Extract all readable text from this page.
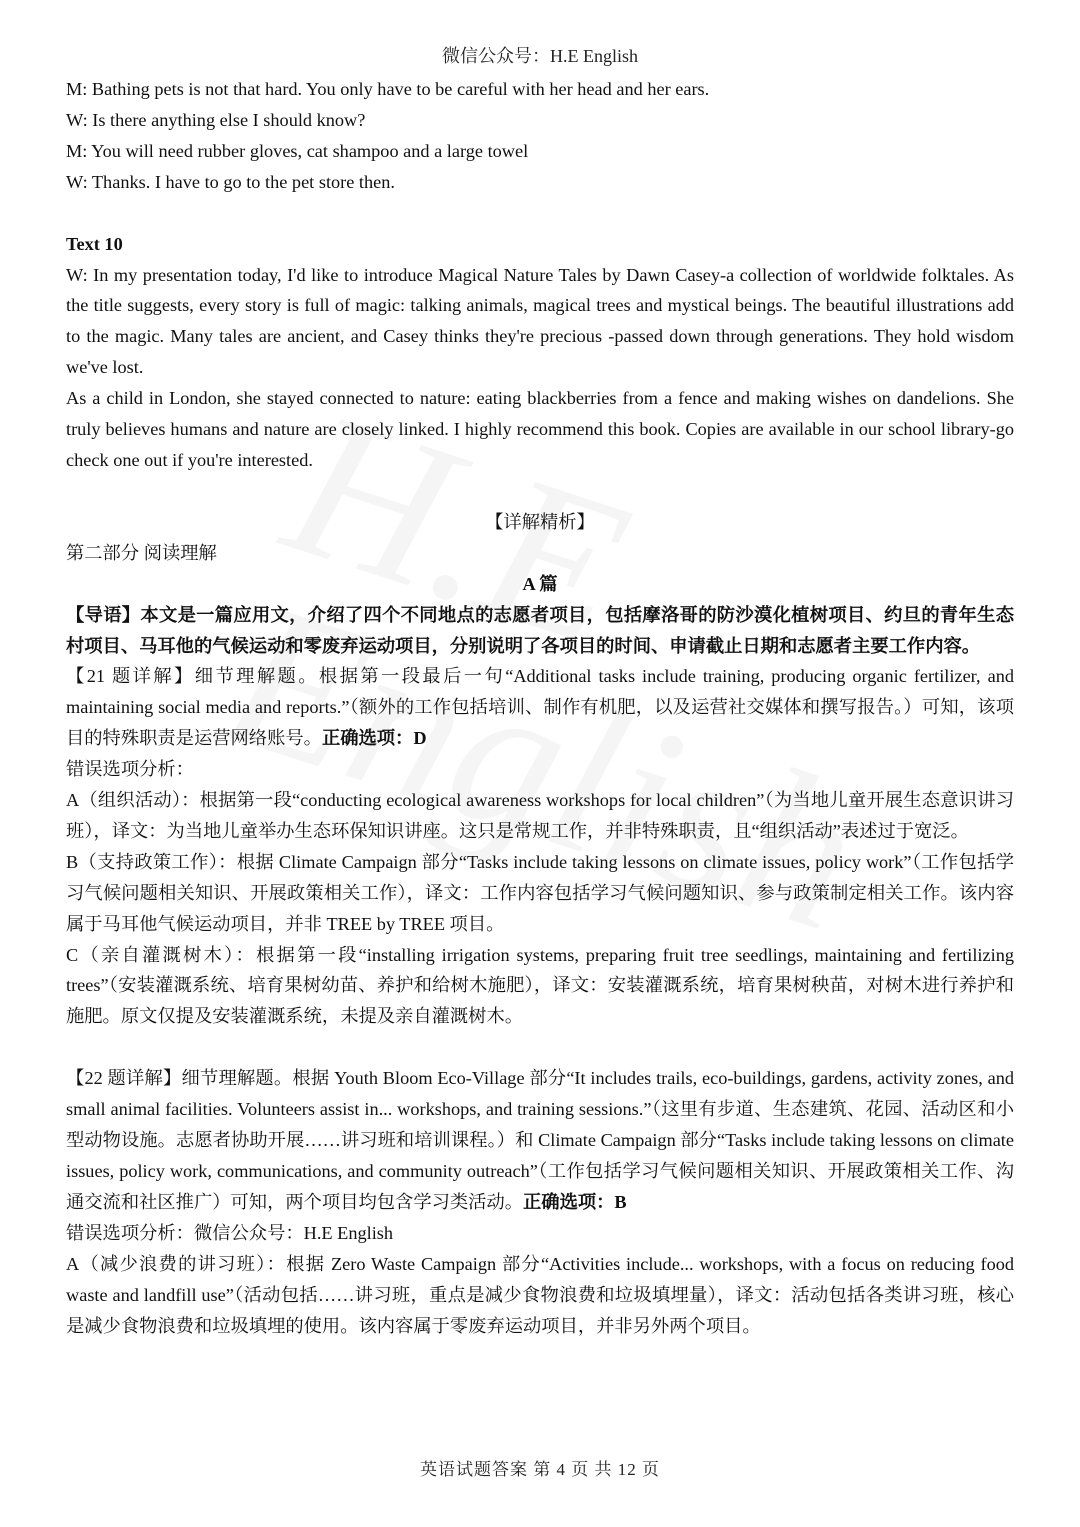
微信公众号：H.E English

M: Bathing pets is not that hard. You only have to be careful with her head and her ears.

W: Is there anything else I should know?

M: You will need rubber gloves, cat shampoo and a large towel

W: Thanks. I have to go to the pet store then.

Text 10

W: In my presentation today, I'd like to introduce Magical Nature Tales by Dawn Casey-a collection of worldwide folktales. As the title suggests, every story is full of magic: talking animals, magical trees and mystical beings. The beautiful illustrations add to the magic. Many tales are ancient, and Casey thinks they're precious -passed down through generations. They hold wisdom we've lost.

As a child in London, she stayed connected to nature: eating blackberries from a fence and making wishes on dandelions. She truly believes humans and nature are closely linked. I highly recommend this book. Copies are available in our school library-go check one out if you're interested.

【详解精析】

第二部分 阅读理解

A 篇

【导语】本文是一篇应用文，介绍了四个不同地点的志愿者项目，包括摩洛哥的防沙漠化植树项目、约旦的青年生态村项目、马耳他的气候运动和零废弃运动项目，分别说明了各项目的时间、申请截止日期和志愿者主要工作内容。

【21 题详解】细节理解题。根据第一段最后一句“Additional tasks include training, producing organic fertilizer, and maintaining social media and reports.”（额外的工作包括培训、制作有机肥，以及运营社交媒体和撰写报告。）可知，该项目的特殊职责是运营网络账号。正确选项：D

错误选项分析：

A（组织活动）：根据第一段“conducting ecological awareness workshops for local children”（为当地儿童开展生态意识讲习班），译文：为当地儿童举办生态环保知识讲座。这只是常规工作，并非特殊职责，且“组织活动”表述过于宽泛。

B（支持政策工作）：根据 Climate Campaign 部分“Tasks include taking lessons on climate issues, policy work”（工作包括学习气候问题相关知识、开展政策相关工作），译文：工作内容包括学习气候问题知识、参与政策制定相关工作。该内容属于马耳他气候运动项目，并非 TREE by TREE 项目。

C（亲自灌溉树木）：根据第一段“installing irrigation systems, preparing fruit tree seedlings, maintaining and fertilizing trees”（安装灌溉系统、培育果树幼苗、养护和给树木施肥），译文：安装灌溉系统，培育果树秧苗，对树木进行养护和施肥。原文仅提及安装灌溉系统，未提及亲自灌溉树木。

【22 题详解】细节理解题。根据 Youth Bloom Eco-Village 部分“It includes trails, eco-buildings, gardens, activity zones, and small animal facilities. Volunteers assist in... workshops, and training sessions.”（这里有步道、生态建筑、花园、活动区和小型动物设施。志愿者协助开展……讲习班和培训课程。）和 Climate Campaign 部分“Tasks include taking lessons on climate issues, policy work, communications, and community outreach”（工作包括学习气候问题相关知识、开展政策相关工作、沟通交流和社区推广）可知，两个项目均包含学习类活动。正确选项：B

错误选项分析：微信公众号：H.E English

A（减少浪费的讲习班）：根据 Zero Waste Campaign 部分“Activities include... workshops, with a focus on reducing food waste and landfill use”（活动包括……讲习班，重点是减少食物浪费和垃圾填埋量），译文：活动包括各类讲习班，核心是减少食物浪费和垃圾填埋的使用。该内容属于零废弃运动项目，并非另外两个项目。

英语试题答案 第 4 页 共 12 页
